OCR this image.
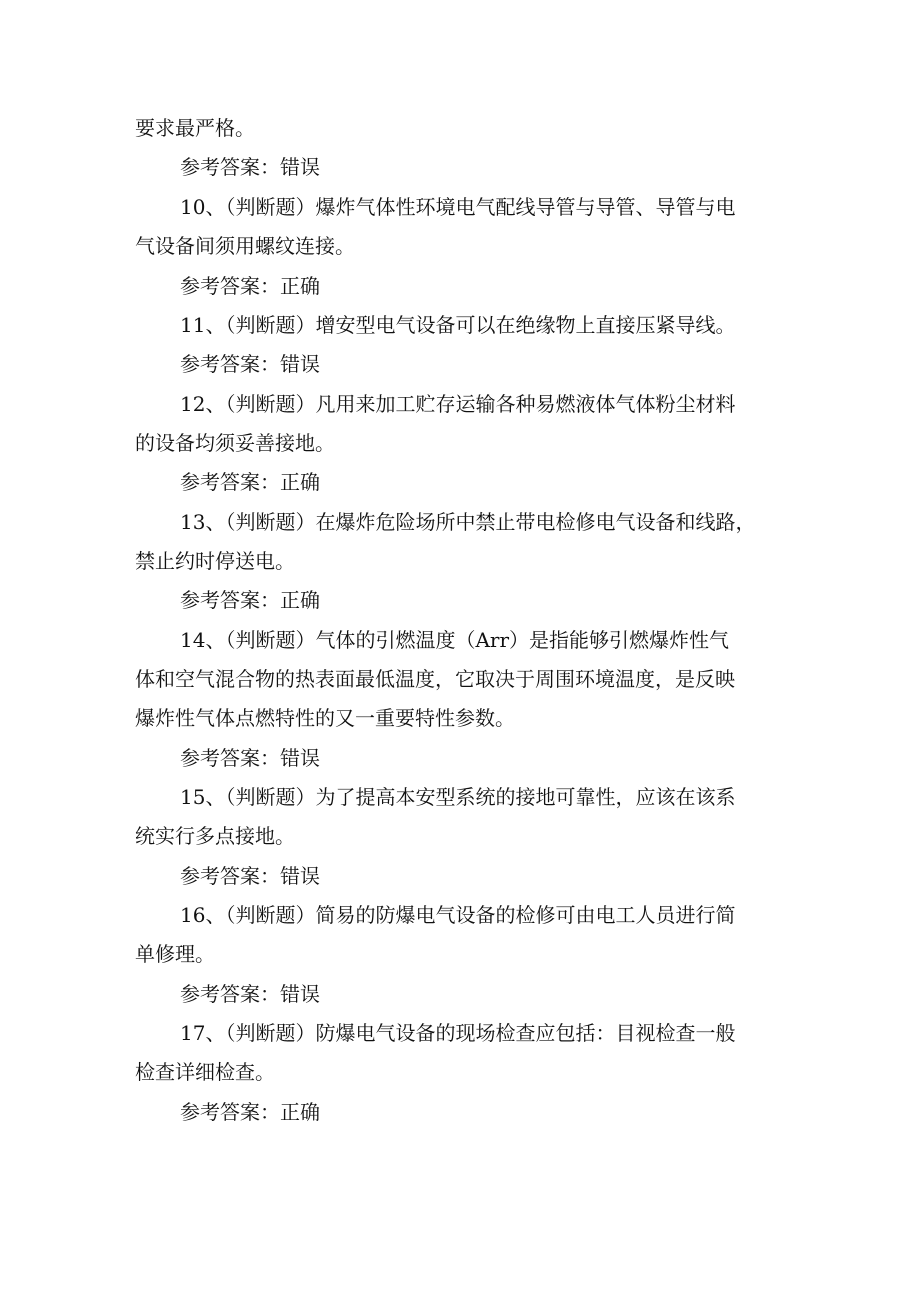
要求最严格。
参考答案：错误
10、（判断题）爆炸气体性环境电气配线导管与导管、导管与电
气设备间须用螺纹连接。
参考答案：正确
11、（判断题）增安型电气设备可以在绝缘物上直接压紧导线。
参考答案：错误
12、（判断题）凡用来加工贮存运输各种易燃液体气体粉尘材料
的设备均须妥善接地。
参考答案：正确
13、（判断题）在爆炸危险场所中禁止带电检修电气设备和线路，
禁止约时停送电。
参考答案：正确
14、（判断题）气体的引燃温度（Arr）是指能够引燃爆炸性气
体和空气混合物的热表面最低温度，它取决于周围环境温度，是反映
爆炸性气体点燃特性的又一重要特性参数。
参考答案：错误
15、（判断题）为了提高本安型系统的接地可靠性，应该在该系
统实行多点接地。
参考答案：错误
16、（判断题）简易的防爆电气设备的检修可由电工人员进行简
单修理。
参考答案：错误
17、（判断题）防爆电气设备的现场检查应包括：目视检查一般
检查详细检查。
参考答案：正确
